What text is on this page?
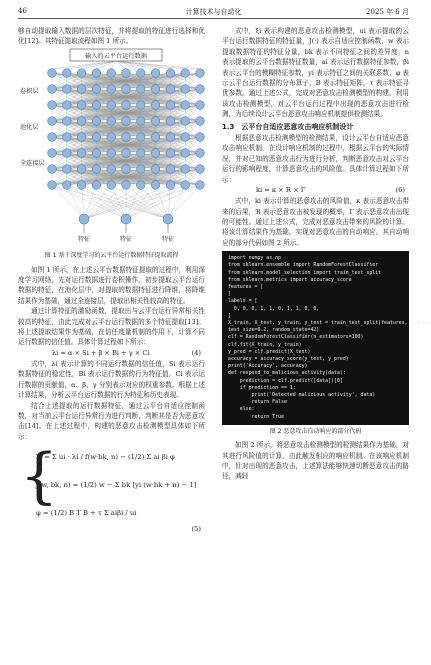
46	计算技术与自动化	2025 年 6 月

够自动提取输入数据的层次特征，并将提取的特征进行选择和优化[12]。其特征提取流程如图 1 所示。

输入的云平台运行数据
特征	特征	特征
卷积层
池化层
全连接层
图 1 基于深度学习的云平台运行数据特征提取流程

如图 1 所示，在上述云平台数据特征提取的过程中，利用深度学习网络，先对运行数据进行卷积操作，初步提取云平台运行数据的特征，在池化层中，对提取的数据特征进行降维，将降维结果作为基础，通过全连接层，提取出相关性较高的特征。

通过计算特征的激励函数，提取出与云平台运行异常相关性较高的特征，由此完成对云平台运行数据的多个特征提取[13]。将上述提取结果作为基础，在信任度量机制的作用下，计算不同运行数据的信任值。具体计算过程如下所示：

λi = α × Si + β × Bi + γ × Ci	(4)

式中，λi 表示计算的不同运行数据的信任值，Si 表示运行数据特征的稳定性，Bi 表示运行数据的行为特征值，Ci 表示运行数据的贡献值，α、β、γ 分别表示对应的权重参数。根据上述计算结果，分析云平台运行数据的行为特征和历史表现。

结合上述提取的运行数据特征，通过云平台自适应控制函数，对当前云平台运行异常行为进行判断，判断其是否为恶意攻击[14]。在上述过程中，构建的恶意攻击检测模型具体如下所示：

{
ξi = Σ ui · λi / f(w·bk, n) − (1/2) Σ ai βi φ
J(w, bk, n) = (1/2) w − Σ bk [yi (w·bk + n) − 1]
φ = (1/2) B T B + τ Σ aiβi / ui
(5)

式中，ξi 表示构建的恶意攻击检测模型，ui 表示提取的云平台运行数据特征的特征量，J(·) 表示自适应控制函数，w 表示提取数据特征的特征分量，bk 表示不同特征之间的差异度，n 表示提取的云平台数据特征数量，ai 表示运行数据特征参数，βi 表示云平台的模糊特征参数，yi 表示特征之间的关联系数，φ 表示云平台运行数据的分布算子，B 表示特征矩阵，τ 表示特征寻优参数。通过上述公式，完成对恶意攻击检测模型的构建。利用该攻击检测模型，对云平台运行过程中出现的恶意攻击进行检测，为后续设计云平台恶意攻击响应机制提供检测结果。

1.3　云平台自适应恶意攻击响应机制设计

根据恶意攻击检测模型的检测结果，设计云平台自适应恶意攻击响应机制。在设计响应机制的过程中，根据云平台的实际情况，并对已知的恶意攻击行为进行分析，判断恶意攻击对云平台运行的影响程度，计算恶意攻击的风险值。具体计算过程如下所示：

ki = κ × ℜ × Γ	(6)

式中，ki 表示计算的恶意攻击的风险值，κ 表示恶意攻击带来的后果，ℜ 表示恶意攻击被发现的概率，Γ 表示恶意攻击出现的可能性。通过上述公式，完成对恶意攻击带来的风险的计算。将该计算结果作为基础，实现对恶意攻击的自动响应。其自动响应的部分代码如图 2 所示。

import numpy as np
from sklearn.ensemble import RandomForestClassifier
from sklearn.model_selection import train_test_split
from sklearn.metrics import accuracy_score
features = [
]
labels = [
0, 0, 0, 1, 1, 0, 1, 1, 0, 0,
]
X_train, X_test, y_train, y_test = train_test_split(features, labels,
test_size=0.2, random_state=42)
clf = RandomForestClassifier(n_estimators=100)
clf.fit(X_train, y_train)
y_pred = clf.predict(X_test)
accuracy = accuracy_score(y_test, y_pred)
print('Accuracy', accuracy)
def respond_to_malicious_activity(data):
prediction = clf.predict([data])[0]
if prediction == 1:
print('Detected malicious activity', data)
return False
else:
return True
图 2 恶意攻击自动响应的部分代码

如图 2 所示，将恶意攻击检测模型的检测结果作为基础，对其进行风险值的计算，由此触发相应的响应机制。在该响应机制中，针对出现的恶意攻击，上述算法能够快速切断恶意攻击的路径，减轻
